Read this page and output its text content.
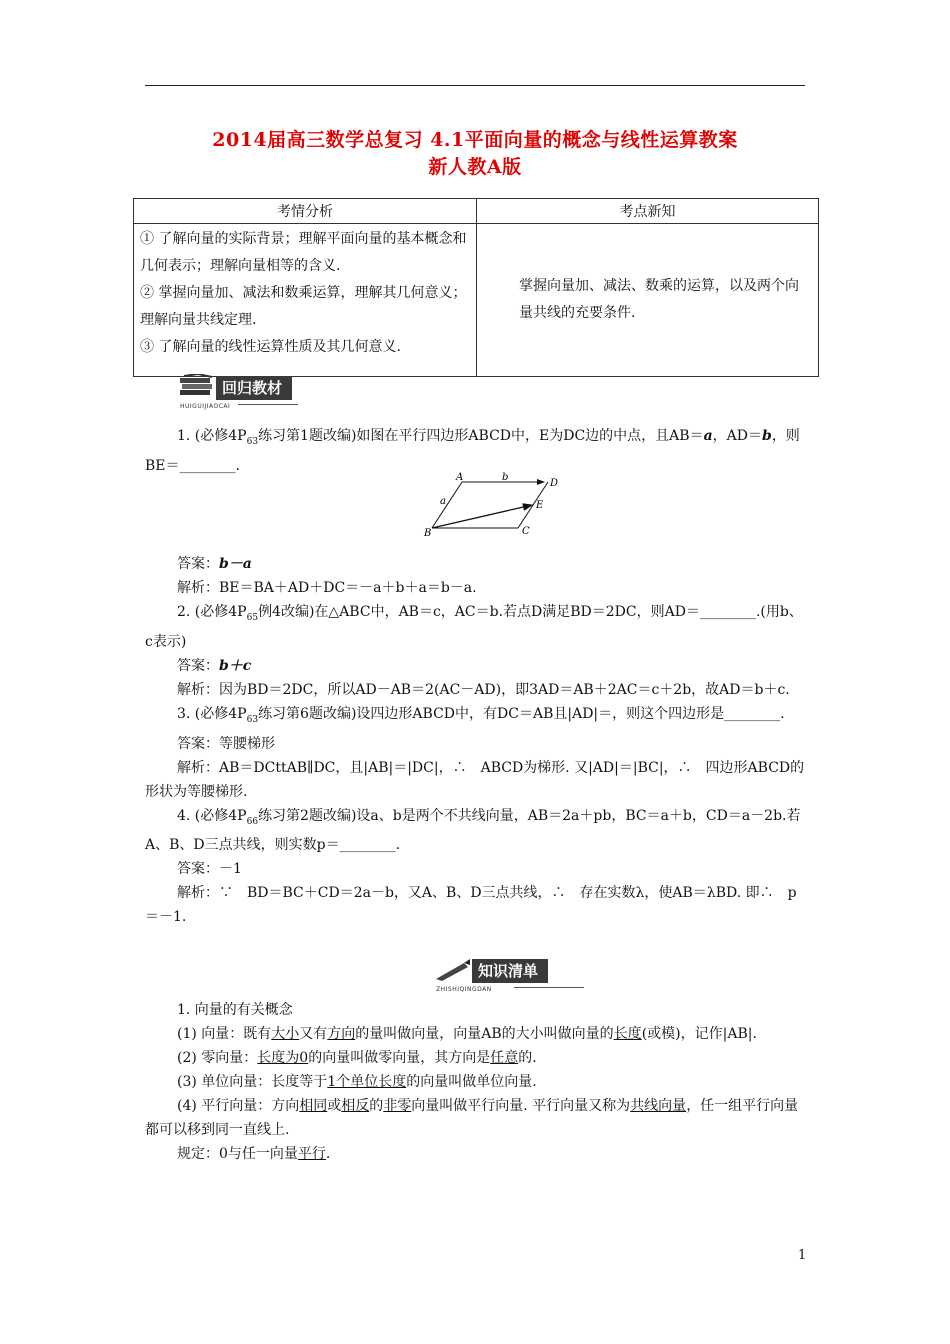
2014届高三数学总复习 4.1平面向量的概念与线性运算教案
新人教A版
考情分析	考点新知

① 了解向量的实际背景；理解平面向量的基本概念和几何表示；理解向量相等的含义.
② 掌握向量加、减法和数乘运算，理解其几何意义；理解向量共线定理.
③ 了解向量的线性运算性质及其几何意义.	掌握向量加、减法、数乘的运算，以及两个向量共线的充要条件.
回归教材
HUIGUIJIAOCAI

1. (必修$4P_{63}$练习第1题改编)如图在平行四边形ABCD中，E为DC边的中点，且AB＝a，AD＝b，则BE＝________.

A
B	C
D
E
a
b

答案：b－a

解析：BE＝BA＋AD＋DC＝－a＋b＋a＝b－a.

2. (必修$4P_{65}$例4改编)在△ABC中，AB＝c，AC＝b.若点D满足BD＝2DC，则AD＝________.(用b、c表示)

答案：b＋c

解析：因为BD＝2DC，所以AD－AB＝2(AC－AD)，即3AD＝AB＋2AC＝c＋2b，故AD＝b＋c.

3. (必修$4P_{63}$练习第6题改编)设四边形ABCD中，有DC＝AB且|AD|＝，则这个四边形是________.

答案：等腰梯形

解析：AB＝DCttAB∥DC，且|AB|＝|DC|，∴　ABCD为梯形. 又|AD|＝|BC|，∴　四边形ABCD的形状为等腰梯形.

4. (必修$4P_{66}$练习第2题改编)设a、b是两个不共线向量，AB＝2a＋pb，BC＝a＋b，CD＝a－2b.若A、B、D三点共线，则实数p＝________.

答案：－1

解析：∵　BD＝BC＋CD＝2a－b，又A、B、D三点共线，∴　存在实数λ，使AB＝λBD. 即∴　p＝－1.

知识清单
ZHISHIQINGDAN

1. 向量的有关概念

(1) 向量：既有大小又有方向的量叫做向量，向量AB的大小叫做向量的长度(或模)，记作|AB|.

(2) 零向量：长度为0的向量叫做零向量，其方向是任意的.

(3) 单位向量：长度等于1个单位长度的向量叫做单位向量.

(4) 平行向量：方向相同或相反的非零向量叫做平行向量. 平行向量又称为共线向量，任一组平行向量都可以移到同一直线上.

规定：0与任一向量平行.

1
